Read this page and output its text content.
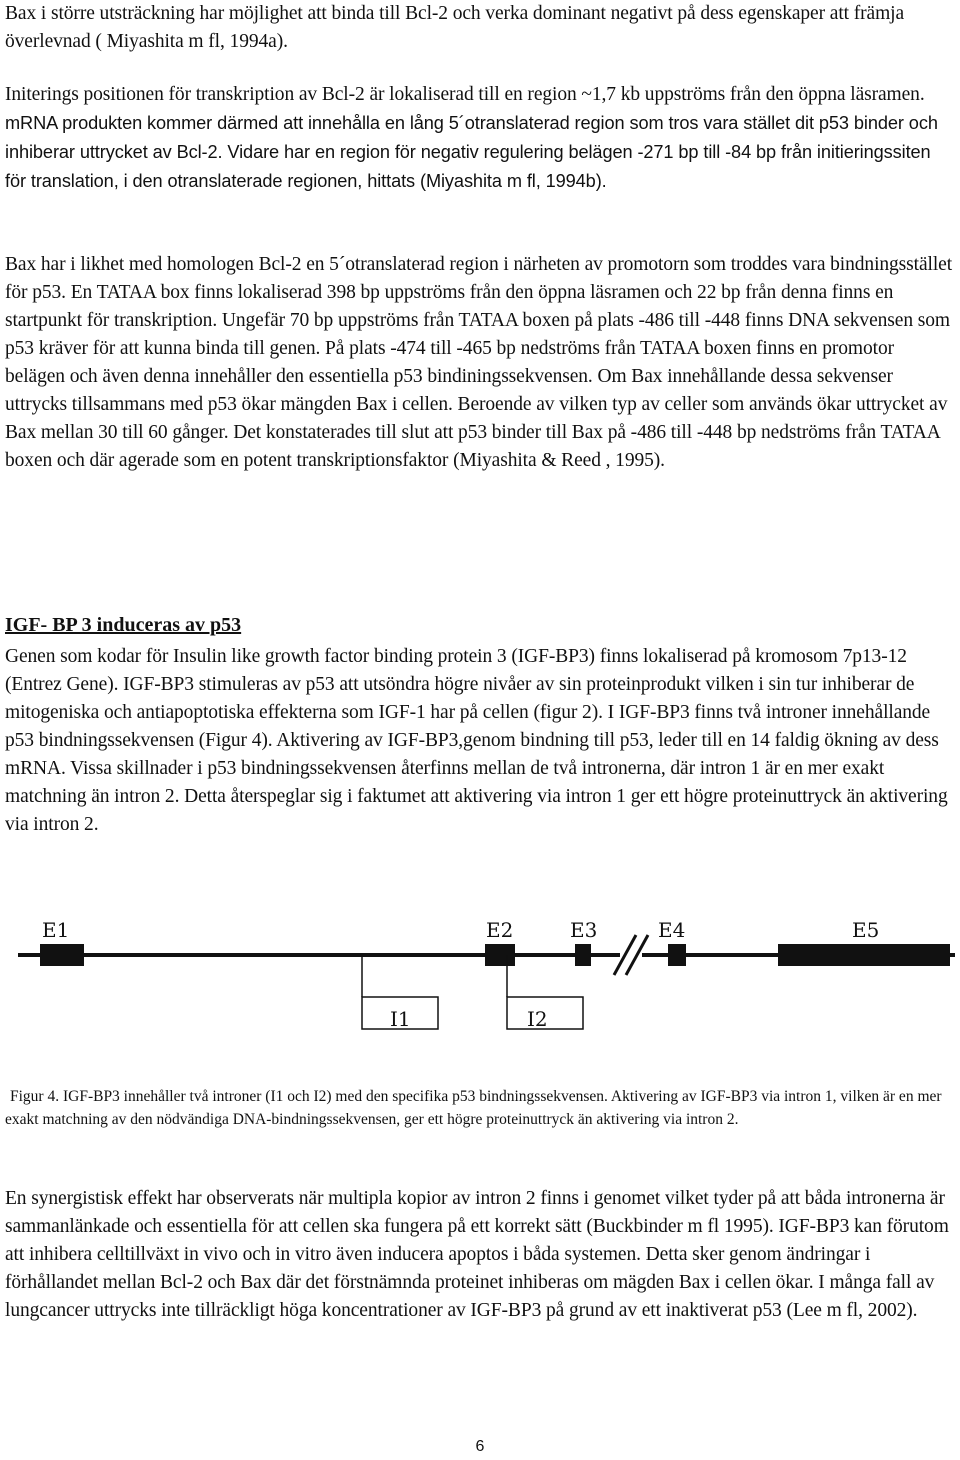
Bax i större utsträckning har möjlighet att binda till Bcl-2 och verka dominant negativt på dess egenskaper att främja överlevnad ( Miyashita m fl, 1994a).

Initerings positionen för transkription av Bcl-2 är lokaliserad till en region ~1,7 kb uppströms från den öppna läsramen. mRNA produkten kommer därmed att innehålla en lång 5´otranslaterad region som tros vara stället dit p53 binder och inhiberar uttrycket av Bcl-2. Vidare har en region för negativ regulering belägen -271 bp till -84 bp från initieringssiten för translation, i den otranslaterade regionen, hittats (Miyashita m fl, 1994b).

Bax har i likhet med homologen Bcl-2 en 5´otranslaterad region i närheten av promotorn som troddes vara bindningsstället för p53. En TATAA box finns lokaliserad 398 bp uppströms från den öppna läsramen och 22 bp från denna finns en startpunkt för transkription. Ungefär 70 bp uppströms från TATAA boxen på plats -486 till -448 finns DNA sekvensen som p53 kräver för att kunna binda till genen. På plats -474 till -465 bp nedströms från TATAA boxen finns en promotor belägen och även denna innehåller den essentiella p53 bindiningssekvensen. Om Bax innehållande dessa sekvenser uttrycks tillsammans med p53 ökar mängden Bax i cellen. Beroende av vilken typ av celler som används ökar uttrycket av Bax mellan 30 till 60 gånger. Det konstaterades till slut att p53 binder till Bax på -486 till -448 bp nedströms från TATAA boxen och där agerade som en potent transkriptionsfaktor (Miyashita & Reed , 1995).

IGF- BP 3 induceras av p53

Genen som kodar för Insulin like growth factor binding protein 3 (IGF-BP3) finns lokaliserad på kromosom 7p13-12 (Entrez Gene). IGF-BP3 stimuleras av p53 att utsöndra högre nivåer av sin proteinprodukt vilken i sin tur inhiberar de mitogeniska och antiapoptotiska effekterna som IGF-1 har på cellen (figur 2). I IGF-BP3 finns två introner innehållande p53 bindningssekvensen (Figur 4). Aktivering av IGF-BP3,genom bindning till p53, leder till en 14 faldig ökning av dess mRNA. Vissa skillnader i p53 bindningssekvensen återfinns mellan de två intronerna, där intron 1 är en mer exakt matchning än intron 2. Detta återspeglar sig i faktumet att aktivering via intron 1 ger ett högre proteinuttryck än aktivering via intron 2.

E1	E2	E3	E4	E5
I1	I2

Figur 4. IGF-BP3 innehåller två introner (I1 och I2) med den specifika p53 bindningssekvensen. Aktivering av IGF-BP3 via intron 1, vilken är en mer exakt matchning av den nödvändiga DNA-bindningssekvensen, ger ett högre proteinuttryck än aktivering via intron 2.

En synergistisk effekt har observerats när multipla kopior av intron 2 finns i genomet vilket tyder på att båda intronerna är sammanlänkade och essentiella för att cellen ska fungera på ett korrekt sätt (Buckbinder m fl 1995). IGF-BP3 kan förutom att inhibera celltillväxt in vivo och in vitro även inducera apoptos i båda systemen. Detta sker genom ändringar i förhållandet mellan Bcl-2 och Bax där det förstnämnda proteinet inhiberas om mägden Bax i cellen ökar. I många fall av lungcancer uttrycks inte tillräckligt höga koncentrationer av IGF-BP3 på grund av ett inaktiverat p53 (Lee m fl, 2002).

6
